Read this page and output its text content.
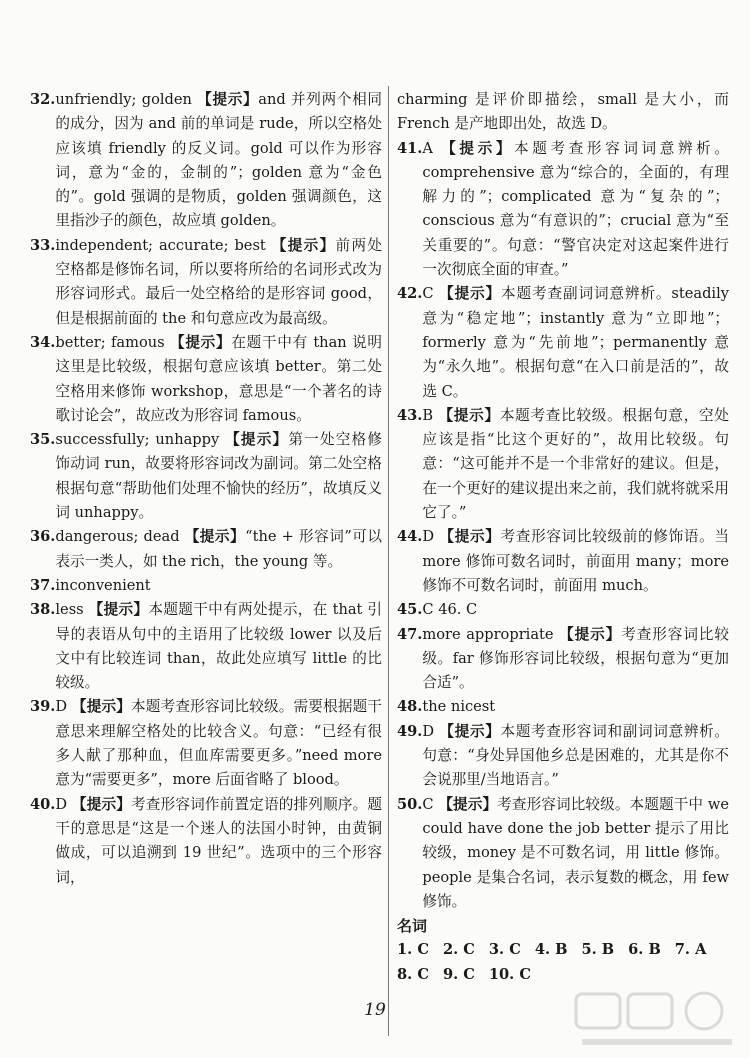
32. unfriendly; golden 【提示】and 并列两个相同的成分，因为 and 前的单词是 rude，所以空格处应该填 friendly 的反义词。gold 可以作为形容词，意为“金的，金制的”；golden 意为“金色的”。gold 强调的是物质，golden 强调颜色，这里指沙子的颜色，故应填 golden。
33. independent; accurate; best 【提示】前两处空格都是修饰名词，所以要将所给的名词形式改为形容词形式。最后一处空格给的是形容词 good，但是根据前面的 the 和句意应改为最高级。
34. better; famous 【提示】在题干中有 than 说明这里是比较级，根据句意应该填 better。第二处空格用来修饰 workshop，意思是“一个著名的诗歌讨论会”，故应改为形容词 famous。
35. successfully; unhappy 【提示】第一处空格修饰动词 run，故要将形容词改为副词。第二处空格根据句意“帮助他们处理不愉快的经历”，故填反义词 unhappy。
36. dangerous; dead 【提示】“the + 形容词”可以表示一类人，如 the rich，the young 等。
37. inconvenient
38. less 【提示】本题题干中有两处提示，在 that 引导的表语从句中的主语用了比较级 lower 以及后文中有比较连词 than，故此处应填写 little 的比较级。
39. D 【提示】本题考查形容词比较级。需要根据题干意思来理解空格处的比较含义。句意：“已经有很多人献了那种血，但血库需要更多。”need more 意为“需要更多”，more 后面省略了 blood。
40. D 【提示】考查形容词作前置定语的排列顺序。题干的意思是“这是一个迷人的法国小时钟，由黄铜做成，可以追溯到 19 世纪”。选项中的三个形容词，
charming 是评价即描绘，small 是大小，而 French 是产地即出处，故选 D。
41. A 【提示】本题考查形容词词意辨析。comprehensive 意为“综合的，全面的，有理解力的”；complicated 意为“复杂的”；conscious 意为“有意识的”；crucial 意为“至关重要的”。句意：“警官决定对这起案件进行一次彻底全面的审查。”
42. C 【提示】本题考查副词词意辨析。steadily 意为“稳定地”；instantly 意为“立即地”；formerly 意为“先前地”；permanently 意为“永久地”。根据句意“在入口前是活的”，故选 C。
43. B 【提示】本题考查比较级。根据句意，空处应该是指“比这个更好的”，故用比较级。句意：“这可能并不是一个非常好的建议。但是，在一个更好的建议提出来之前，我们就将就采用它了。”
44. D 【提示】考查形容词比较级前的修饰语。当 more 修饰可数名词时，前面用 many；more 修饰不可数名词时，前面用 much。
45. C 46. C
47. more appropriate 【提示】考查形容词比较级。far 修饰形容词比较级，根据句意为“更加合适”。
48. the nicest
49. D 【提示】本题考查形容词和副词词意辨析。句意：“身处异国他乡总是困难的，尤其是你不会说那里/当地语言。”
50. C 【提示】考查形容词比较级。本题题干中 we could have done the job better 提示了用比较级，money 是不可数名词，用 little 修饰。people 是集合名词，表示复数的概念，用 few 修饰。
名词
1. C 2. C 3. C 4. B 5. B 6. B 7. A
8. C 9. C 10. C
19
